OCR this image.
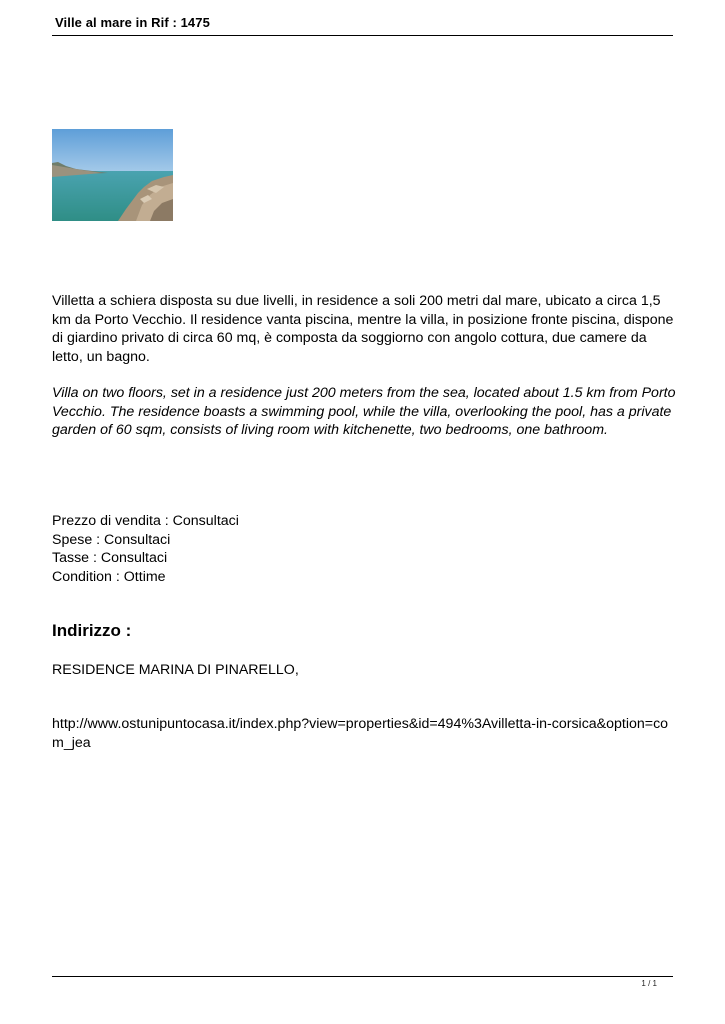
Ville al mare in Rif : 1475

Villetta a schiera disposta su due livelli, in residence a soli 200 metri dal mare, ubicato a circa 1,5 km da Porto Vecchio. Il residence vanta piscina, mentre la villa, in posizione fronte piscina, dispone di giardino privato di circa 60 mq, è composta da soggiorno con angolo cottura, due camere da letto, un bagno.

Villa on two floors, set in a residence just 200 meters from the sea, located about 1.5 km from Porto Vecchio. The residence boasts a swimming pool, while the villa, overlooking the pool, has a private garden of 60 sqm, consists of living room with kitchenette, two bedrooms, one bathroom.

Prezzo di vendita : Consultaci
Spese : Consultaci
Tasse : Consultaci
Condition : Ottime
Indirizzo :
RESIDENCE MARINA DI PINARELLO,
http://www.ostunipuntocasa.it/index.php?view=properties&id=494%3Avilletta-in-corsica&option=com_jea
1 / 1
